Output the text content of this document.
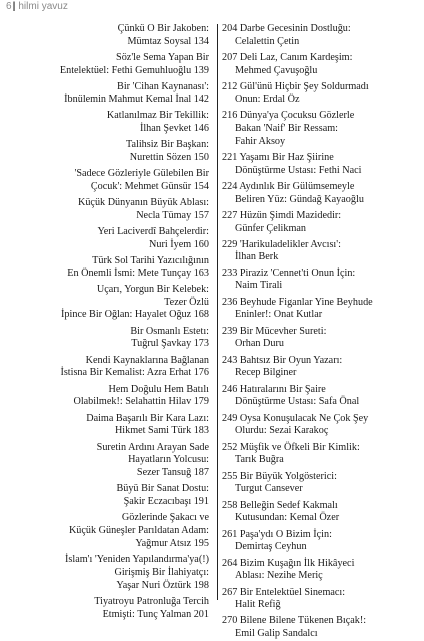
6| hilmi yavuz
Çünkü O Bir Jakoben:
Mümtaz Soysal 134
Söz'le Sema Yapan Bir
Entelektüel: Fethi Gemuhluoğlu 139
Bir 'Cihan Kaynanası':
İbnülemin Mahmut Kemal İnal 142
Katlanılmaz Bir Tekillik:
İlhan Şevket 146
Talihsiz Bir Başkan:
Nurettin Sözen 150
'Sadece Gözleriyle Gülebilen Bir
Çocuk': Mehmet Günsür 154
Küçük Dünyanın Büyük Ablası:
Necla Tümay 157
Yeri Laciverdî Bahçelerdir:
Nuri İyem 160
Türk Sol Tarihi Yazıcılığının
En Önemli İsmi: Mete Tunçay 163
Uçarı, Yorgun Bir Kelebek:
Tezer Özlü
İpince Bir Oğlan: Hayalet Oğuz 168
Bir Osmanlı Estetı:
Tuğrul Şavkay 173
Kendi Kaynaklarına Bağlanan
İstisna Bir Kemalist: Azra Erhat 176
Hem Doğulu Hem Batılı
Olabilmek!: Selahattin Hilav 179
Daima Başarılı Bir Kara Lazı:
Hikmet Sami Türk 183
Suretin Ardını Arayan Sade
Hayatların Yolcusu:
Sezer Tansuğ 187
Büyü Bir Sanat Dostu:
Şakir Eczacıbaşı 191
Gözlerinde Şakacı ve
Küçük Güneşler Parıldatan Adam:
Yağmur Atsız 195
İslam'ı 'Yeniden Yapılandırma'ya(!)
Girişmiş Bir İlahiyatçı:
Yaşar Nuri Öztürk 198
Tiyatroyu Patronluğa Tercih
Etmişti: Tunç Yalman 201
204 Darbe Gecesinin Dostluğu:
Celalettin Çetin
207 Deli Laz, Canım Kardeşim:
Mehmed Çavuşoğlu
212 Gül'ünü Hiçbir Şey Soldurmadı
Onun: Erdal Öz
216 Dünya'ya Çocuksu Gözlerle
Bakan 'Naif' Bir Ressam:
Fahir Aksoy
221 Yaşamı Bir Haz Şiirine
Dönüştürme Ustası: Fethi Naci
224 Aydınlık Bir Gülümsemeyle
Beliren Yüz: Gündağ Kayaoğlu
227 Hüzün Şimdi Mazidedir:
Günfer Çelikman
229 'Harikuladelikler Avcısı':
İlhan Berk
233 Piraziz 'Cennet'ti Onun İçin:
Naim Tirali
236 Beyhude Figanlar Yine Beyhude
Eninler!: Onat Kutlar
239 Bir Mücevher Sureti:
Orhan Duru
243 Bahtsız Bir Oyun Yazarı:
Recep Bilginer
246 Hatıralarını Bir Şaire
Dönüştürme Ustası: Safa Önal
249 Oysa Konuşulacak Ne Çok Şey
Olurdu: Sezai Karakoç
252 Müşfik ve Öfkeli Bir Kimlik:
Tarık Buğra
255 Bir Büyük Yolgösterici:
Turgut Cansever
258 Belleğin Sedef Kakmalı
Kutusundan: Kemal Özer
261 Paşa'ydı O Bizim İçin:
Demirtaş Ceyhun
264 Bizim Kuşağın İlk Hikâyeci
Ablası: Nezihe Meriç
267 Bir Entelektüel Sinemacı:
Halit Refiğ
270 Bilene Bilene Tükenen Bıçak!:
Emil Galip Sandalcı
